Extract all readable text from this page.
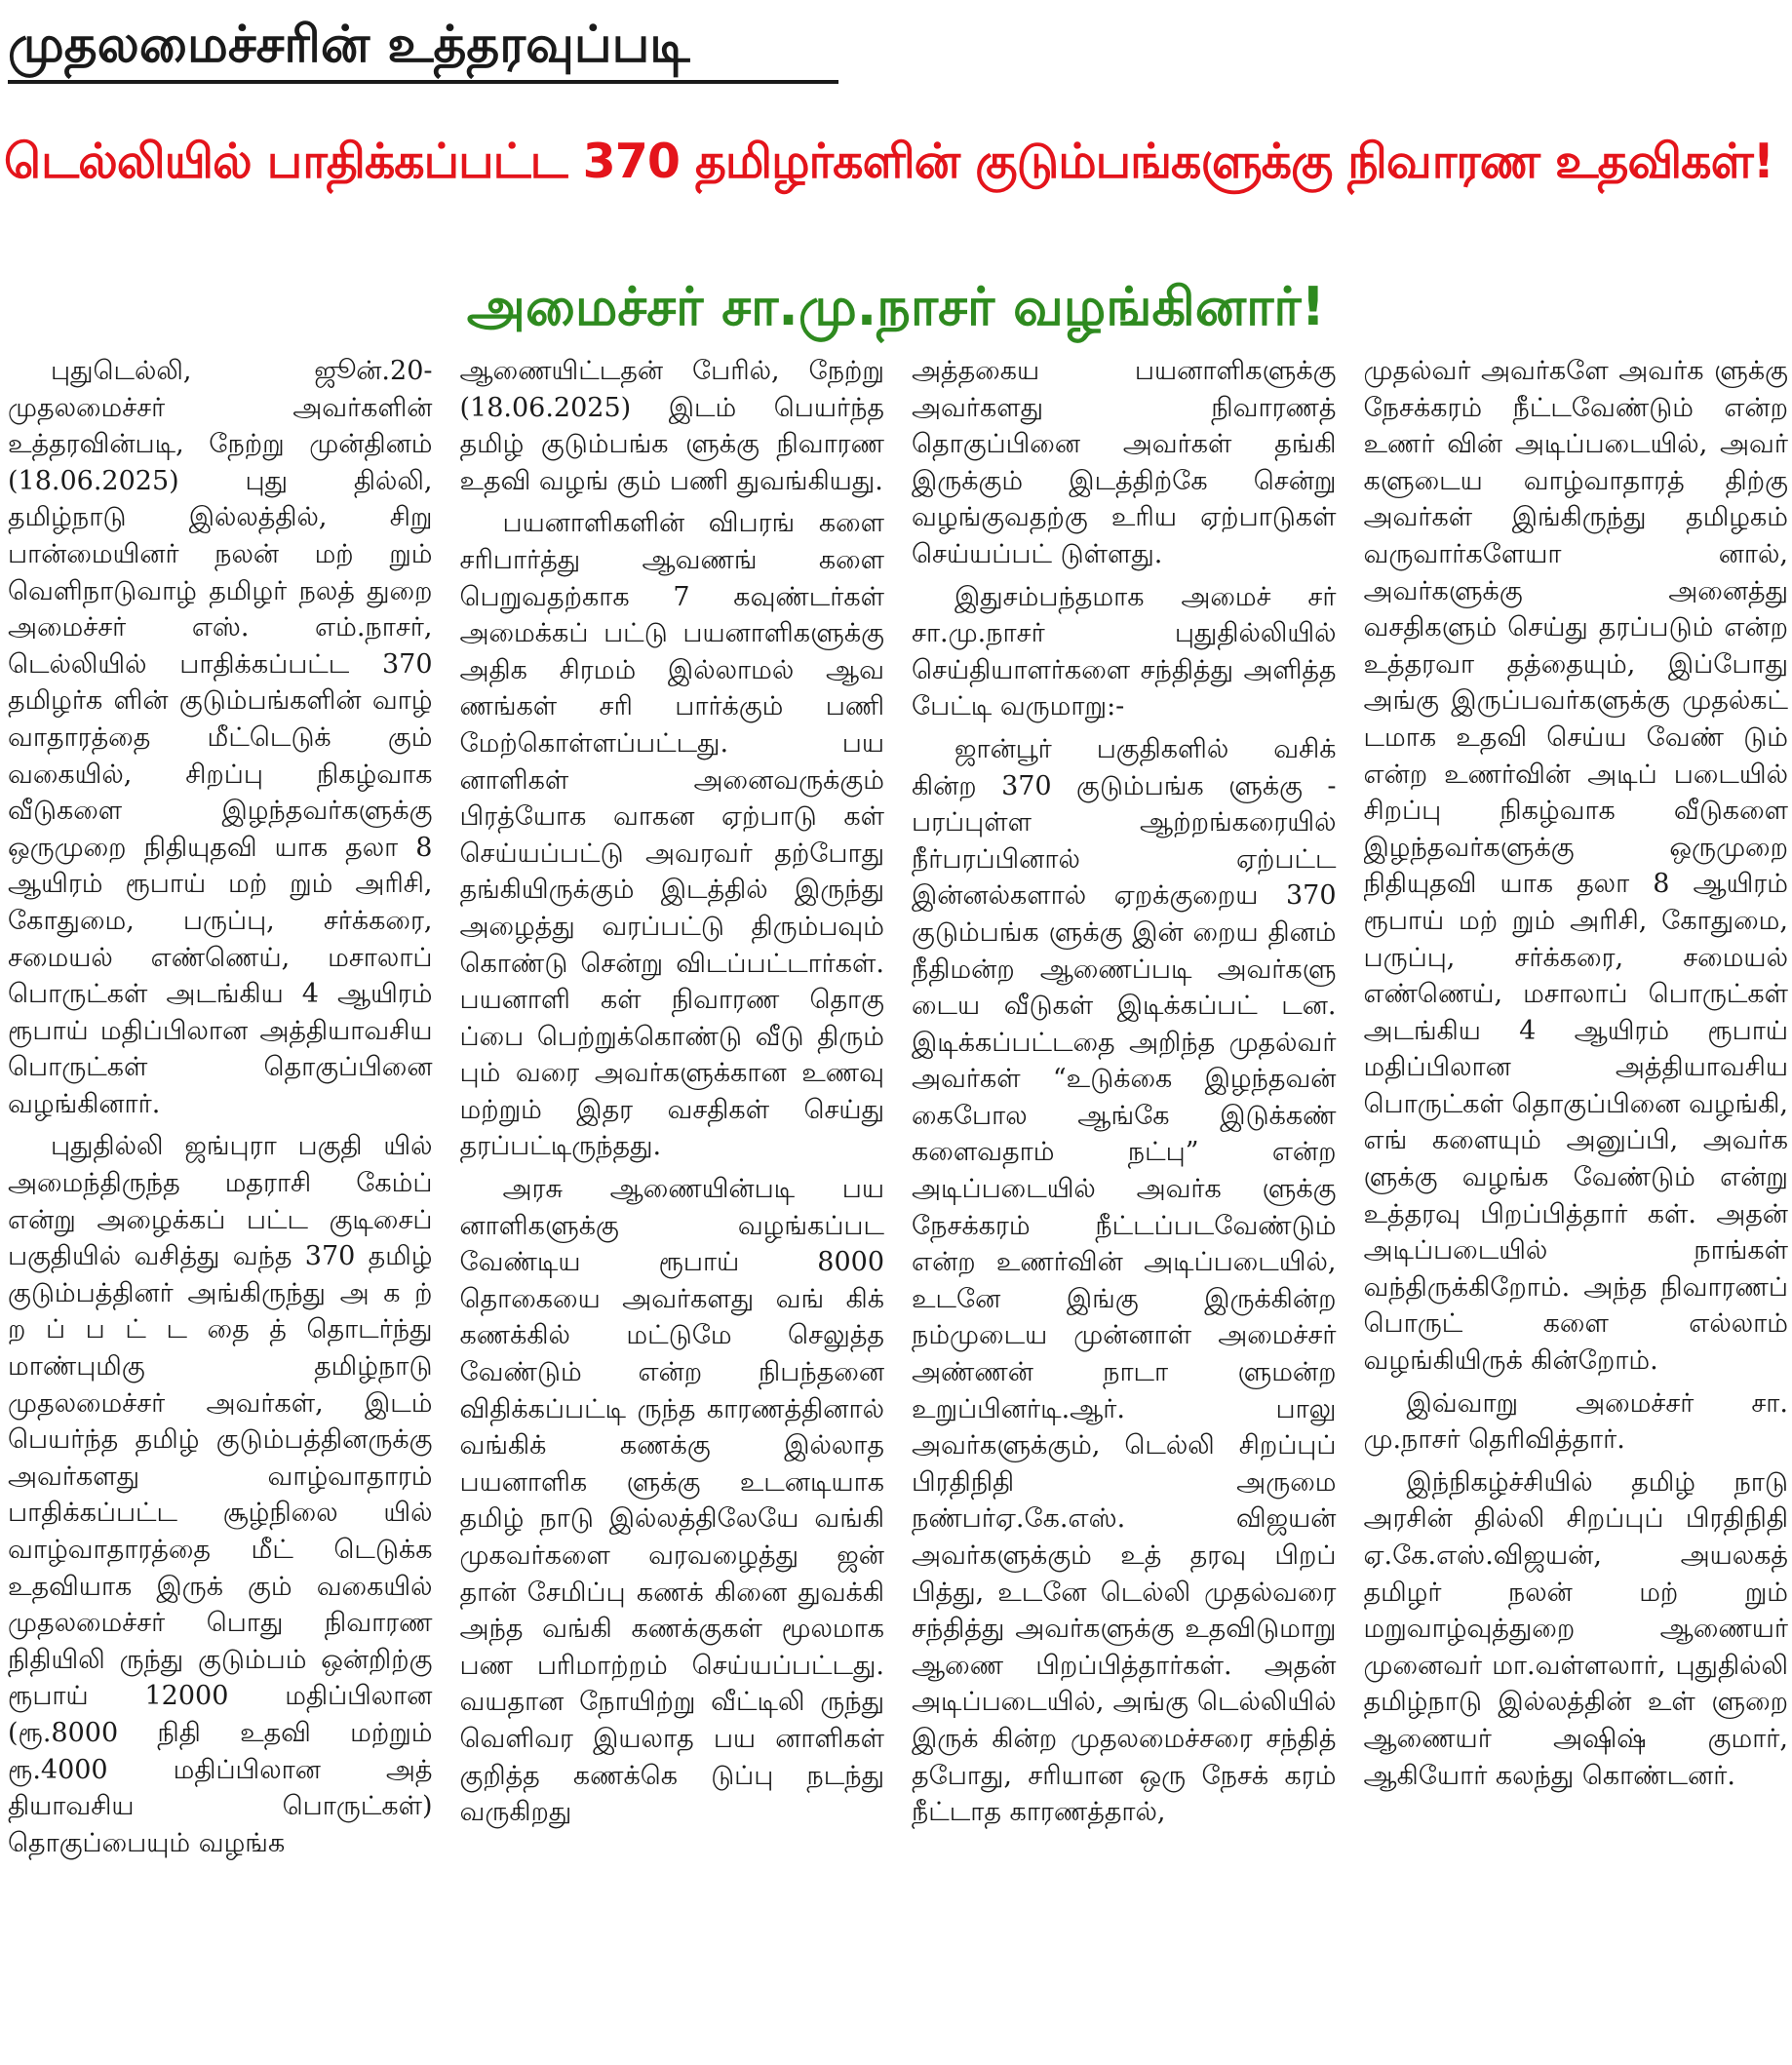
முதலமைச்சரின் உத்தரவுப்படி
டெல்லியில் பாதிக்கப்பட்ட 370 தமிழர்களின் குடும்பங்களுக்கு நிவாரண உதவிகள்!
அமைச்சர் சா.மு.நாசர் வழங்கினார்!

புதுடெல்லி, ஜூன்.20- முதலமைச்சர் அவர்களின் உத்தரவின்படி, நேற்று முன்தினம் (18.06.2025) புது தில்லி, தமிழ்நாடு இல்லத்தில், சிறு பான்மையினர் நலன் மற் றும் வெளிநாடுவாழ் தமிழர் நலத் துறை அமைச்சர் எஸ். எம்.நாசர், டெல்லியில் பாதிக்கப்பட்ட 370 தமிழர்க ளின் குடும்பங்களின் வாழ் வாதாரத்தை மீட்டெடுக் கும் வகையில், சிறப்பு நிகழ்வாக வீடுகளை இழந்தவர்களுக்கு ஒருமுறை நிதியுதவி யாக தலா 8 ஆயிரம் ரூபாய் மற் றும் அரிசி, கோதுமை, பருப்பு, சர்க்கரை, சமையல் எண்ணெய், மசாலாப் பொருட்கள் அடங்கிய 4 ஆயிரம் ரூபாய் மதிப்பிலான அத்தியாவசிய பொருட்கள் தொகுப்பினை வழங்கினார்.

புதுதில்லி ஜங்புரா பகுதி யில் அமைந்திருந்த மதராசி கேம்ப் என்று அழைக்கப் பட்ட குடிசைப் பகுதியில் வசித்து வந்த 370 தமிழ் குடும்பத்தினர் அங்கிருந்து அ க ற் ற ப் ப ட் ட தை த் தொடர்ந்து மாண்புமிகு தமிழ்நாடு முதலமைச்சர் அவர்கள், இடம் பெயர்ந்த தமிழ் குடும்பத்தினருக்கு அவர்களது வாழ்வாதாரம் பாதிக்கப்பட்ட சூழ்நிலை யில் வாழ்வாதாரத்தை மீட் டெடுக்க உதவியாக இருக் கும் வகையில் முதலமைச்சர் பொது நிவாரண நிதியிலி ருந்து குடும்பம் ஒன்றிற்கு ரூபாய் 12000 மதிப்பிலான (ரூ.8000 நிதி உதவி மற்றும் ரூ.4000 மதிப்பிலான அத் தியாவசிய பொருட்கள்) தொகுப்பையும் வழங்க

ஆணையிட்டதன் பேரில், நேற்று (18.06.2025) இடம் பெயர்ந்த தமிழ் குடும்பங்க ளுக்கு நிவாரண உதவி வழங் கும் பணி துவங்கியது.

பயனாளிகளின் விபரங் களை சரிபார்த்து ஆவணங் களை பெறுவதற்காக 7 கவுண்டர்கள் அமைக்கப் பட்டு பயனாளிகளுக்கு அதிக சிரமம் இல்லாமல் ஆவ ணங்கள் சரி பார்க்கும் பணி மேற்கொள்ளப்பட்டது. பய னாளிகள் அனைவருக்கும் பிரத்யோக வாகன ஏற்பாடு கள் செய்யப்பட்டு அவரவர் தற்போது தங்கியிருக்கும் இடத்தில் இருந்து அழைத்து வரப்பட்டு திரும்பவும் கொண்டு சென்று விடப்பட்டார்கள். பயனாளி கள் நிவாரண தொகு ப்பை பெற்றுக்கொண்டு வீடு திரும் பும் வரை அவர்களுக்கான உணவு மற்றும் இதர வசதிகள் செய்து தரப்பட்டிருந்தது.

அரசு ஆணையின்படி பய னாளிகளுக்கு வழங்கப்பட வேண்டிய ரூபாய் 8000 தொகையை அவர்களது வங் கிக் கணக்கில் மட்டுமே செலுத்த வேண்டும் என்ற நிபந்தனை விதிக்கப்பட்டி ருந்த காரணத்தினால் வங்கிக் கணக்கு இல்லாத பயனாளிக ளுக்கு உடனடியாக தமிழ் நாடு இல்லத்திலேயே வங்கி முகவர்களை வரவழைத்து ஜன் தான் சேமிப்பு கணக் கினை துவக்கி அந்த வங்கி கணக்குகள் மூலமாக பண பரிமாற்றம் செய்யப்பட்டது. வயதான நோயிற்று வீட்டிலி ருந்து வெளிவர இயலாத பய னாளிகள் குறித்த கணக்கெ டுப்பு நடந்து வருகிறது

அத்தகைய பயனாளிகளுக்கு அவர்களது நிவாரணத் தொகுப்பினை அவர்கள் தங்கி இருக்கும் இடத்திற்கே சென்று வழங்குவதற்கு உரிய ஏற்பாடுகள் செய்யப்பட் டுள்ளது.

இதுசம்பந்தமாக அமைச் சர் சா.மு.நாசர் புதுதில்லியில் செய்தியாளர்களை சந்தித்து அளித்த பேட்டி வருமாறு:-

ஜான்பூர் பகுதிகளில் வசிக் கின்ற 370 குடும்பங்க ளுக்கு - பரப்புள்ள ஆற்றங்கரையில் நீர்பரப்பினால் ஏற்பட்ட இன்னல்களால் ஏறக்குறைய 370 குடும்பங்க ளுக்கு இன் றைய தினம் நீதிமன்ற ஆணைப்படி அவர்களு டைய வீடுகள் இடிக்கப்பட் டன. இடிக்கப்பட்டதை அறிந்த முதல்வர் அவர்கள் “உடுக்கை இழந்தவன் கைபோல ஆங்கே இடுக்கண் களைவதாம் நட்பு” என்ற அடிப்படையில் அவர்க ளுக்கு நேசக்கரம் நீட்டப்படவேண்டும் என்ற உணர்வின் அடிப்படையில், உடனே இங்கு இருக்கின்ற நம்முடைய முன்னாள் அமைச்சர் அண்ணன் நாடா ளுமன்ற உறுப்பினர்டி.ஆர். பாலு அவர்களுக்கும், டெல்லி சிறப்புப் பிரதிநிதி அருமை நண்பர்ஏ.கே.எஸ். விஜயன் அவர்களுக்கும் உத் தரவு பிறப் பித்து, உடனே டெல்லி முதல்வரை சந்தித்து அவர்களுக்கு உதவிடுமாறு ஆணை பிறப்பித்தார்கள். அதன் அடிப்படையில், அங்கு டெல்லியில் இருக் கின்ற முதலமைச்சரை சந்தித் தபோது, சரியான ஒரு நேசக் கரம் நீட்டாத காரணத்தால்,

முதல்வர் அவர்களே அவர்க ளுக்கு நேசக்கரம் நீட்டவேண்டும் என்ற உணர் வின் அடிப்படையில், அவர் களுடைய வாழ்வாதாரத் திற்கு அவர்கள் இங்கிருந்து தமிழகம் வருவார்களேயா னால், அவர்களுக்கு அனைத்து வசதிகளும் செய்து தரப்படும் என்ற உத்தரவா தத்தையும், இப்போது அங்கு இருப்பவர்களுக்கு முதல்கட் டமாக உதவி செய்ய வேண் டும் என்ற உணர்வின் அடிப் படையில் சிறப்பு நிகழ்வாக வீடுகளை இழந்தவர்களுக்கு ஒருமுறை நிதியுதவி யாக தலா 8 ஆயிரம் ரூபாய் மற் றும் அரிசி, கோதுமை, பருப்பு, சர்க்கரை, சமையல் எண்ணெய், மசாலாப் பொருட்கள் அடங்கிய 4 ஆயிரம் ரூபாய் மதிப்பிலான அத்தியாவசிய பொருட்கள் தொகுப்பினை வழங்கி, எங் களையும் அனுப்பி, அவர்க ளுக்கு வழங்க வேண்டும் என்று உத்தரவு பிறப்பித்தார் கள். அதன் அடிப்படையில் நாங்கள் வந்திருக்கிறோம். அந்த நிவாரணப் பொருட் களை எல்லாம் வழங்கியிருக் கின்றோம்.

இவ்வாறு அமைச்சர் சா. மு.நாசர் தெரிவித்தார்.

இந்நிகழ்ச்சியில் தமிழ் நாடு அரசின் தில்லி சிறப்புப் பிரதிநிதி ஏ.கே.எஸ்.விஜயன், அயலகத் தமிழர் நலன் மற் றும் மறுவாழ்வுத்துறை ஆணையர் முனைவர் மா.வள்ளலார், புதுதில்லி தமிழ்நாடு இல்லத்தின் உள் ளுறை ஆணையர் அஷிஷ் குமார், ஆகியோர் கலந்து கொண்டனர்.
